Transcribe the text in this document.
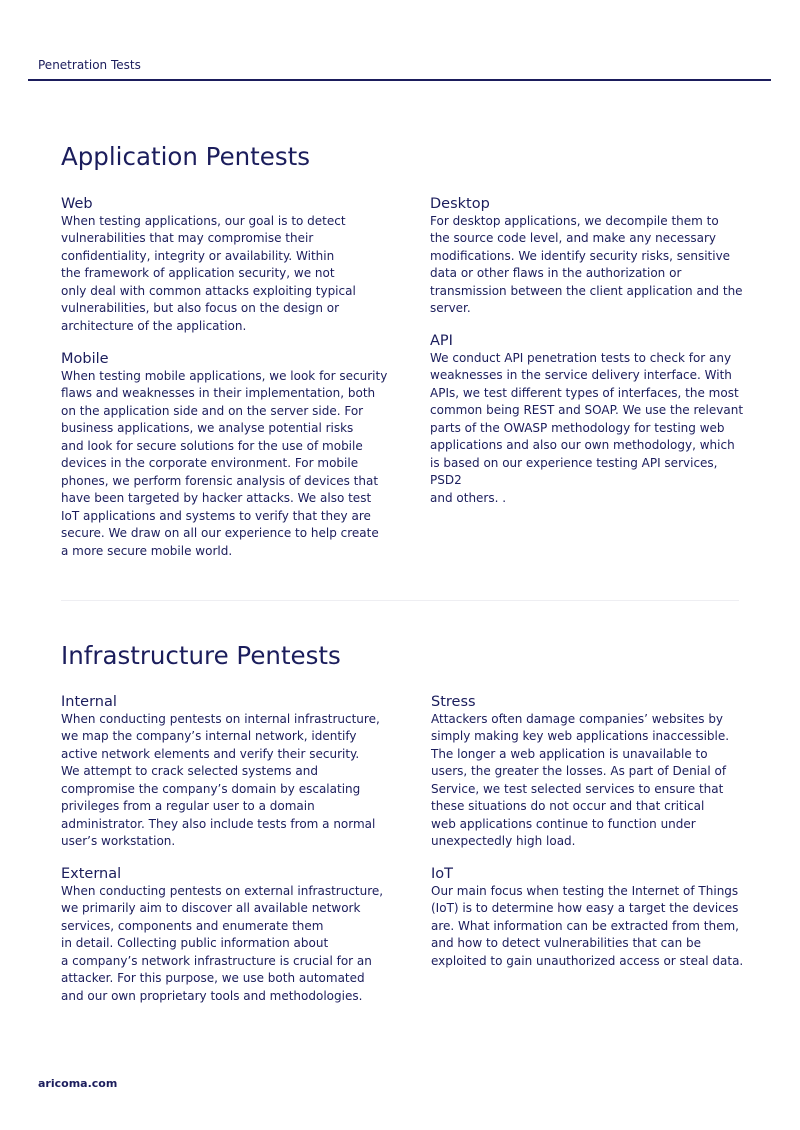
Penetration Tests
Application Pentests
Web

When testing applications, our goal is to detect
vulnerabilities that may compromise their
confidentiality, integrity or availability. Within
the framework of application security, we not
only deal with common attacks exploiting typical
vulnerabilities, but also focus on the design or
architecture of the application.

Desktop

For desktop applications, we decompile them to
the source code level, and make any necessary
modifications. We identify security risks, sensitive
data or other flaws in the authorization or
transmission between the client application and the
server.

Mobile

When testing mobile applications, we look for security
flaws and weaknesses in their implementation, both
on the application side and on the server side. For
business applications, we analyse potential risks
and look for secure solutions for the use of mobile
devices in the corporate environment. For mobile
phones, we perform forensic analysis of devices that
have been targeted by hacker attacks. We also test
IoT applications and systems to verify that they are
secure. We draw on all our experience to help create
a more secure mobile world.

API

We conduct API penetration tests to check for any
weaknesses in the service delivery interface. With
APIs, we test different types of interfaces, the most
common being REST and SOAP. We use the relevant
parts of the OWASP methodology for testing web
applications and also our own methodology, which
is based on our experience testing API services, PSD2
and others. .

Infrastructure Pentests
Internal

When conducting pentests on internal infrastructure,
we map the company’s internal network, identify
active network elements and verify their security.
We attempt to crack selected systems and
compromise the company’s domain by escalating
privileges from a regular user to a domain
administrator. They also include tests from a normal
user’s workstation.

Stress

Attackers often damage companies’ websites by
simply making key web applications inaccessible.
The longer a web application is unavailable to
users, the greater the losses. As part of Denial of
Service, we test selected services to ensure that
these situations do not occur and that critical
web applications continue to function under
unexpectedly high load.

External

When conducting pentests on external infrastructure,
we primarily aim to discover all available network
services, components and enumerate them
in detail. Collecting public information about
a company’s network infrastructure is crucial for an
attacker. For this purpose, we use both automated
and our own proprietary tools and methodologies.

IoT

Our main focus when testing the Internet of Things
(IoT) is to determine how easy a target the devices
are. What information can be extracted from them,
and how to detect vulnerabilities that can be
exploited to gain unauthorized access or steal data.

aricoma.com
